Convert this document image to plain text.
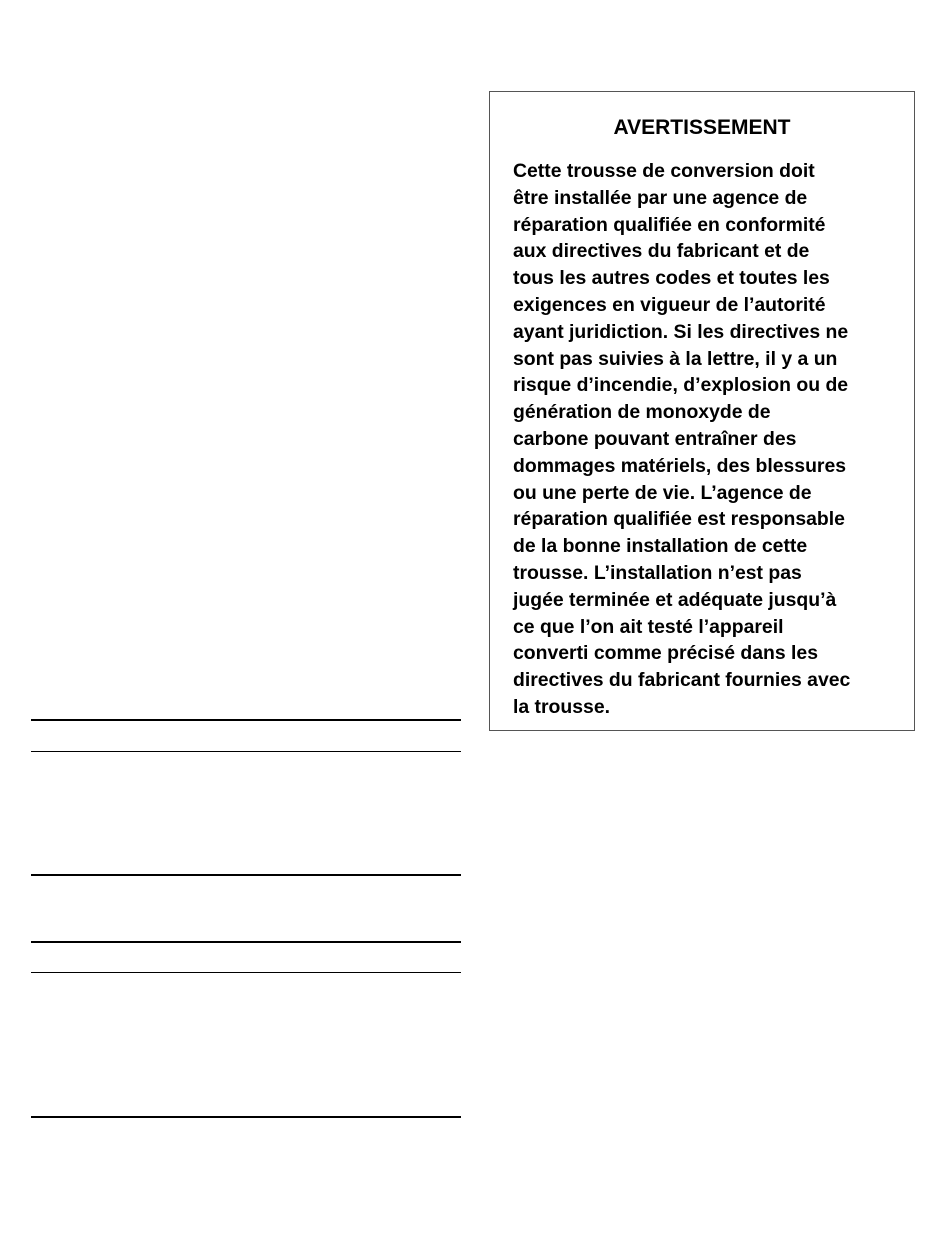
AVERTISSEMENT
Cette trousse de conversion doit
être installée par une agence de
réparation qualifiée en conformité
aux directives du fabricant et de
tous les autres codes et toutes les
exigences en vigueur de l’autorité
ayant juridiction. Si les directives ne
sont pas suivies à la lettre, il y a un
risque d’incendie, d’explosion ou de
génération de monoxyde de
carbone pouvant entraîner des
dommages matériels, des blessures
ou une perte de vie. L’agence de
réparation qualifiée est responsable
de la bonne installation de cette
trousse. L’installation n’est pas
jugée terminée et adéquate jusqu’à
ce que l’on ait testé l’appareil
converti comme précisé dans les
directives du fabricant fournies avec
la trousse.
